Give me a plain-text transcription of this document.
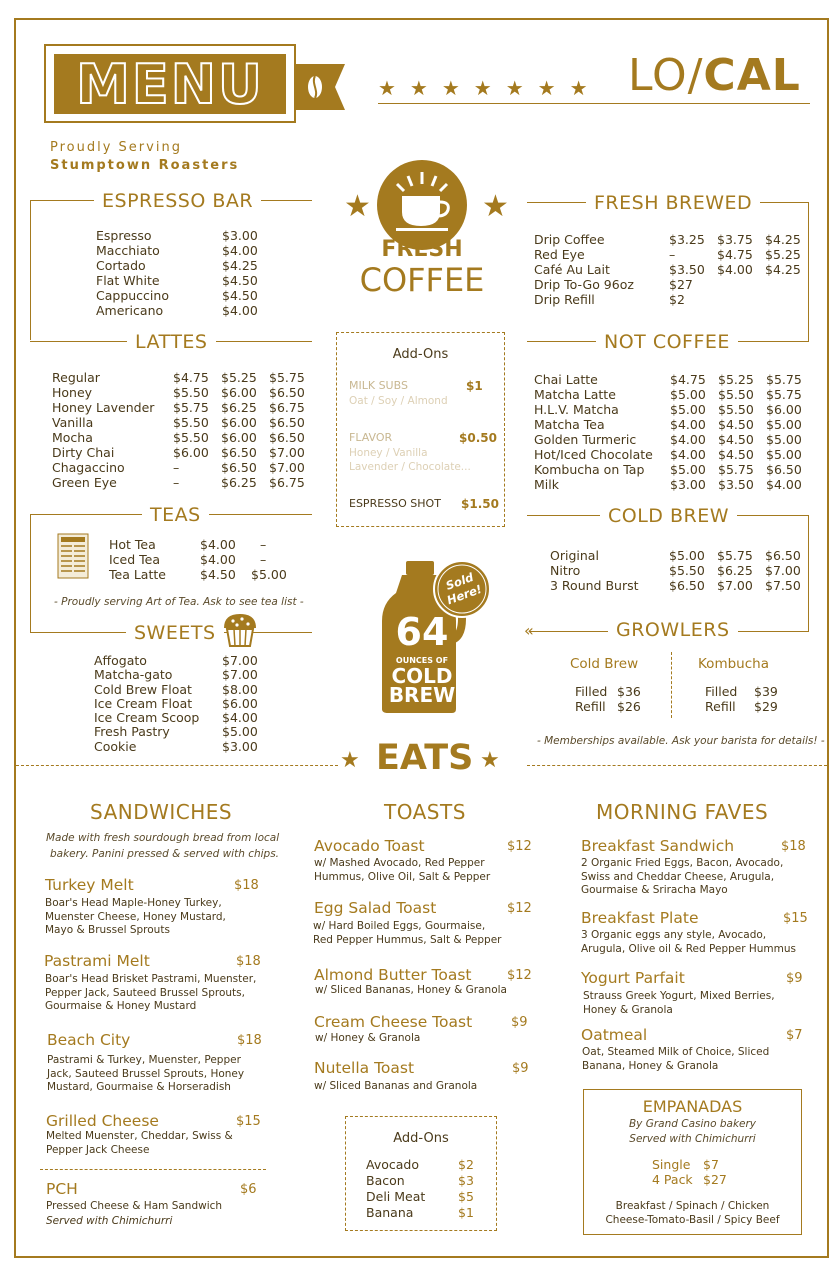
MENU	★★★★★★★ LO/CAL
Proudly Serving
Stumptown Roasters
★	★
FRESH
COFFEE
ESPRESSO BAR
Espresso	$3.00
Macchiato	$4.00
Cortado	$4.25
Flat White	$4.50
Cappuccino	$4.50
Americano	$4.00
LATTES
Regular	$4.75 $5.25 $5.75
Honey	$5.50 $6.00 $6.50
Honey Lavender	$5.75 $6.25 $6.75
Vanilla	$5.50 $6.00 $6.50
Mocha	$5.50 $6.00 $6.50
Dirty Chai	$6.00 $6.50 $7.00
Chagaccino	–	$6.50 $7.00
Green Eye	–	$6.25 $6.75
TEAS
Hot Tea	$4.00	–
Iced Tea	$4.00	–
Tea Latte	$4.50	$5.00
- Proudly serving Art of Tea. Ask to see tea list -
SWEETS
Affogato	$7.00
Matcha-gato	$7.00
Cold Brew Float	$8.00
Ice Cream Float	$6.00
Ice Cream Scoop	$4.00
Fresh Pastry	$5.00
Cookie	$3.00
Add-Ons
MILK SUBS	$1
Oat / Soy / Almond
FLAVOR	$0.50
Honey / Vanilla
Lavender / Chocolate...
ESPRESSO SHOT $1.50
FRESH BREWED
Drip Coffee	$3.25 $3.75 $4.25
Red Eye	–	$4.75 $5.25
Café Au Lait	$3.50 $4.00 $4.25
Drip To-Go 96oz	$27
Drip Refill	$2
NOT COFFEE
Chai Latte	$4.75 $5.25 $5.75
Matcha Latte	$5.00 $5.50 $5.75
H.L.V. Matcha	$5.00 $5.50 $6.00
Matcha Tea	$4.00 $4.50 $5.00
Golden Turmeric	$4.00 $4.50 $5.00
Hot/Iced Chocolate	$4.00 $4.50 $5.00
Kombucha on Tap	$5.00 $5.75 $6.50
Milk	$3.00 $3.50 $4.00
COLD BREW
Original	$5.00 $5.75 $6.50
Nitro	$5.50 $6.25 $7.00
3 Round Burst	$6.50 $7.00 $7.50
Sold Here!
64
OUNCES OF
COLD
BREW
«	GROWLERS
Cold Brew	Kombucha
Filled $36
Refill $26
Filled	$39
Refill	$29
- Memberships available. Ask your barista for details! -
★ EATS ★
SANDWICHES
Made with fresh sourdough bread from local
bakery. Panini pressed & served with chips.
Turkey Melt	$18
Boar's Head Maple-Honey Turkey,
Muenster Cheese, Honey Mustard,
Mayo & Brussel Sprouts
Pastrami Melt	$18
Boar's Head Brisket Pastrami, Muenster,
Pepper Jack, Sauteed Brussel Sprouts,
Gourmaise & Honey Mustard
Beach City	$18
Pastrami & Turkey, Muenster, Pepper
Jack, Sauteed Brussel Sprouts, Honey
Mustard, Gourmaise & Horseradish
Grilled Cheese	$15
Melted Muenster, Cheddar, Swiss &
Pepper Jack Cheese
PCH	$6
Pressed Cheese & Ham Sandwich
Served with Chimichurri
TOASTS
Avocado Toast	$12
w/ Mashed Avocado, Red Pepper
Hummus, Olive Oil, Salt & Pepper
Egg Salad Toast	$12
w/ Hard Boiled Eggs, Gourmaise,
Red Pepper Hummus, Salt & Pepper
Almond Butter Toast	$12
w/ Sliced Bananas, Honey & Granola
Cream Cheese Toast	$9
w/ Honey & Granola
Nutella Toast	$9
w/ Sliced Bananas and Granola
Add-Ons
Avocado	$2
Bacon	$3
Deli Meat	$5
Banana	$1
MORNING FAVES
Breakfast Sandwich	$18
2 Organic Fried Eggs, Bacon, Avocado,
Swiss and Cheddar Cheese, Arugula,
Gourmaise & Sriracha Mayo
Breakfast Plate	$15
3 Organic eggs any style, Avocado,
Arugula, Olive oil & Red Pepper Hummus
Yogurt Parfait	$9
Strauss Greek Yogurt, Mixed Berries,
Honey & Granola
Oatmeal	$7
Oat, Steamed Milk of Choice, Sliced
Banana, Honey & Granola
EMPANADAS
By Grand Casino bakery
Served with Chimichurri
Single	$7
4 Pack $27
Breakfast / Spinach / Chicken
Cheese-Tomato-Basil / Spicy Beef
